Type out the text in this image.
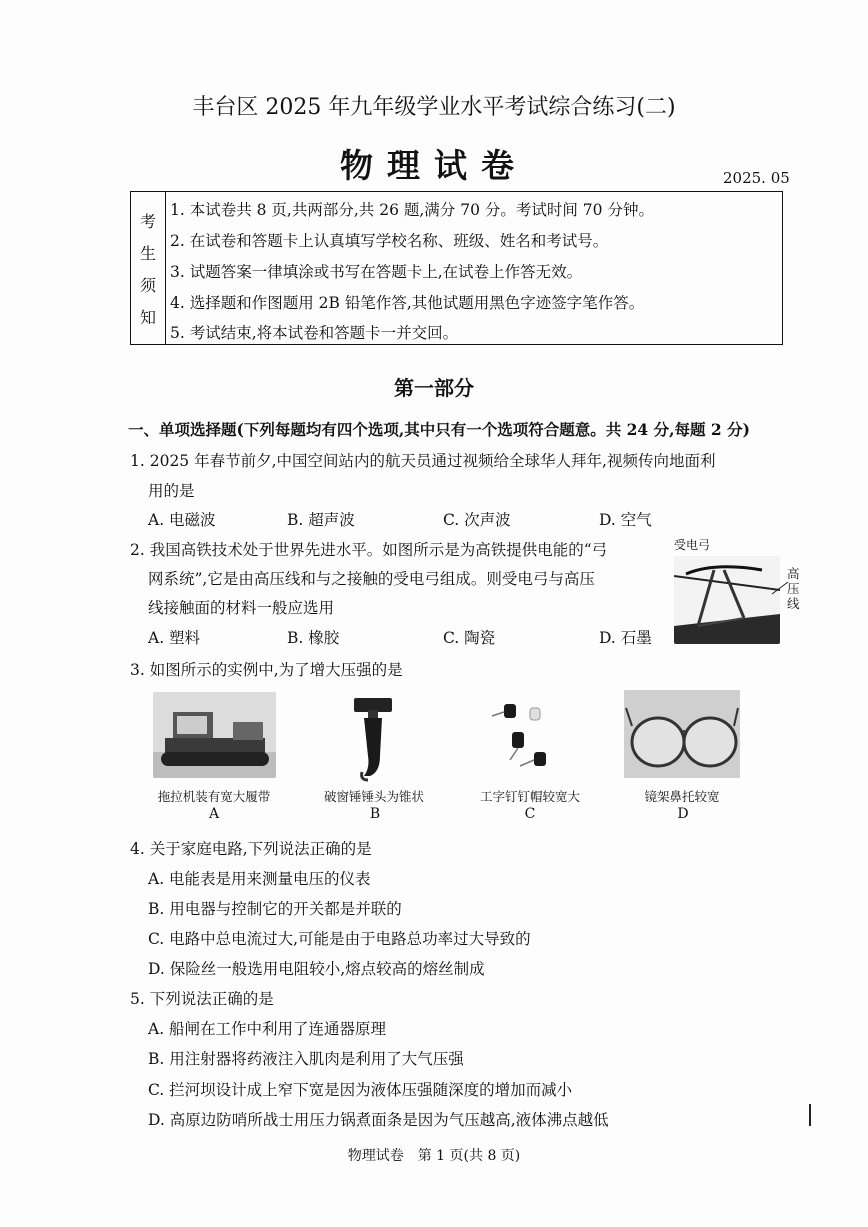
丰台区 2025 年九年级学业水平考试综合练习(二)
物理试卷	2025. 05
考
生
须
知
1. 本试卷共 8 页,共两部分,共 26 题,满分 70 分。考试时间 70 分钟。
2. 在试卷和答题卡上认真填写学校名称、班级、姓名和考试号。
3. 试题答案一律填涂或书写在答题卡上,在试卷上作答无效。
4. 选择题和作图题用 2B 铅笔作答,其他试题用黑色字迹签字笔作答。
5. 考试结束,将本试卷和答题卡一并交回。
第一部分
一、单项选择题(下列每题均有四个选项,其中只有一个选项符合题意。共 24 分,每题 2 分)
1. 2025 年春节前夕,中国空间站内的航天员通过视频给全球华人拜年,视频传向地面利
用的是
A. 电磁波	B. 超声波	C. 次声波	D. 空气
2. 我国高铁技术处于世界先进水平。如图所示是为高铁提供电能的“弓
网系统”,它是由高压线和与之接触的受电弓组成。则受电弓与高压
线接触面的材料一般应选用
A. 塑料	B. 橡胶	C. 陶瓷	D. 石墨
受电弓
高 压 线
3. 如图所示的实例中,为了增大压强的是
拖拉机装有宽大履带	破窗锤锤头为锥状	工字钉钉帽较宽大	镜架鼻托较宽
A	B	C	D
4. 关于家庭电路,下列说法正确的是
A. 电能表是用来测量电压的仪表
B. 用电器与控制它的开关都是并联的
C. 电路中总电流过大,可能是由于电路总功率过大导致的
D. 保险丝一般选用电阻较小,熔点较高的熔丝制成
5. 下列说法正确的是
A. 船闸在工作中利用了连通器原理
B. 用注射器将药液注入肌肉是利用了大气压强
C. 拦河坝设计成上窄下宽是因为液体压强随深度的增加而减小
D. 高原边防哨所战士用压力锅煮面条是因为气压越高,液体沸点越低
物理试卷　第 1 页(共 8 页)
